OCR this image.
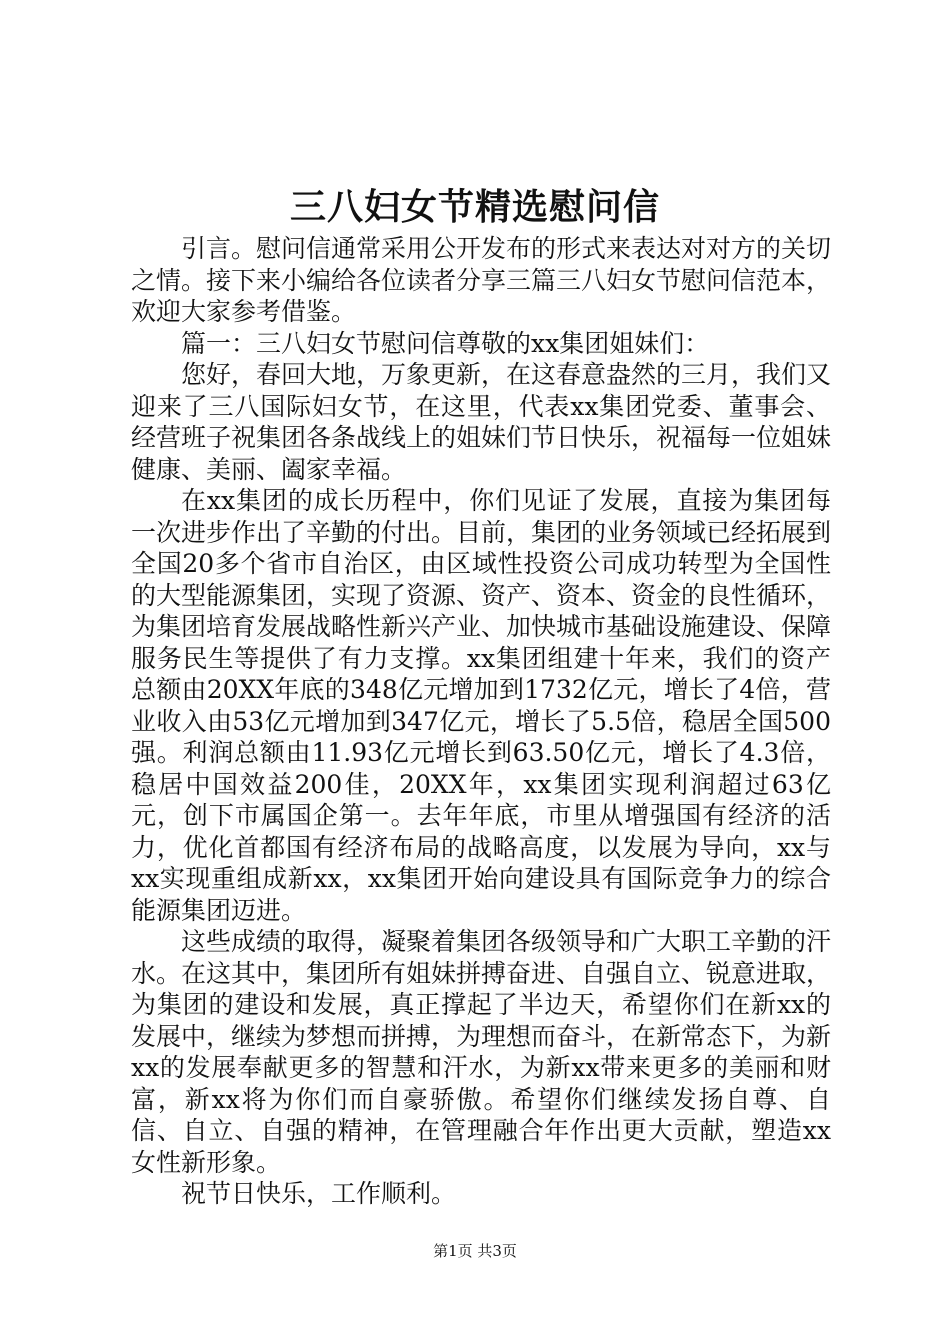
三八妇女节精选慰问信

引言。慰问信通常采用公开发布的形式来表达对对方的关切之情。接下来小编给各位读者分享三篇三八妇女节慰问信范本，欢迎大家参考借鉴。

篇一：三八妇女节慰问信尊敬的xx集团姐妹们：

您好，春回大地，万象更新，在这春意盎然的三月，我们又迎来了三八国际妇女节，在这里，代表xx集团党委、董事会、经营班子祝集团各条战线上的姐妹们节日快乐，祝福每一位姐妹健康、美丽、阖家幸福。

在xx集团的成长历程中，你们见证了发展，直接为集团每一次进步作出了辛勤的付出。目前，集团的业务领域已经拓展到全国20多个省市自治区，由区域性投资公司成功转型为全国性的大型能源集团，实现了资源、资产、资本、资金的良性循环，为集团培育发展战略性新兴产业、加快城市基础设施建设、保障服务民生等提供了有力支撑。xx集团组建十年来，我们的资产总额由20XX年底的348亿元增加到1732亿元，增长了4倍，营业收入由53亿元增加到347亿元，增长了5.5倍，稳居全国500强。利润总额由11.93亿元增长到63.50亿元，增长了4.3倍，稳居中国效益200佳，20XX年，xx集团实现利润超过63亿元，创下市属国企第一。去年年底，市里从增强国有经济的活力，优化首都国有经济布局的战略高度，以发展为导向，xx与xx实现重组成新xx，xx集团开始向建设具有国际竞争力的综合能源集团迈进。

这些成绩的取得，凝聚着集团各级领导和广大职工辛勤的汗水。在这其中，集团所有姐妹拼搏奋进、自强自立、锐意进取，为集团的建设和发展，真正撑起了半边天，希望你们在新xx的发展中，继续为梦想而拼搏，为理想而奋斗，在新常态下，为新xx的发展奉献更多的智慧和汗水，为新xx带来更多的美丽和财富，新xx将为你们而自豪骄傲。希望你们继续发扬自尊、自信、自立、自强的精神，在管理融合年作出更大贡献，塑造xx女性新形象。

祝节日快乐，工作顺利。

第1页 共3页
